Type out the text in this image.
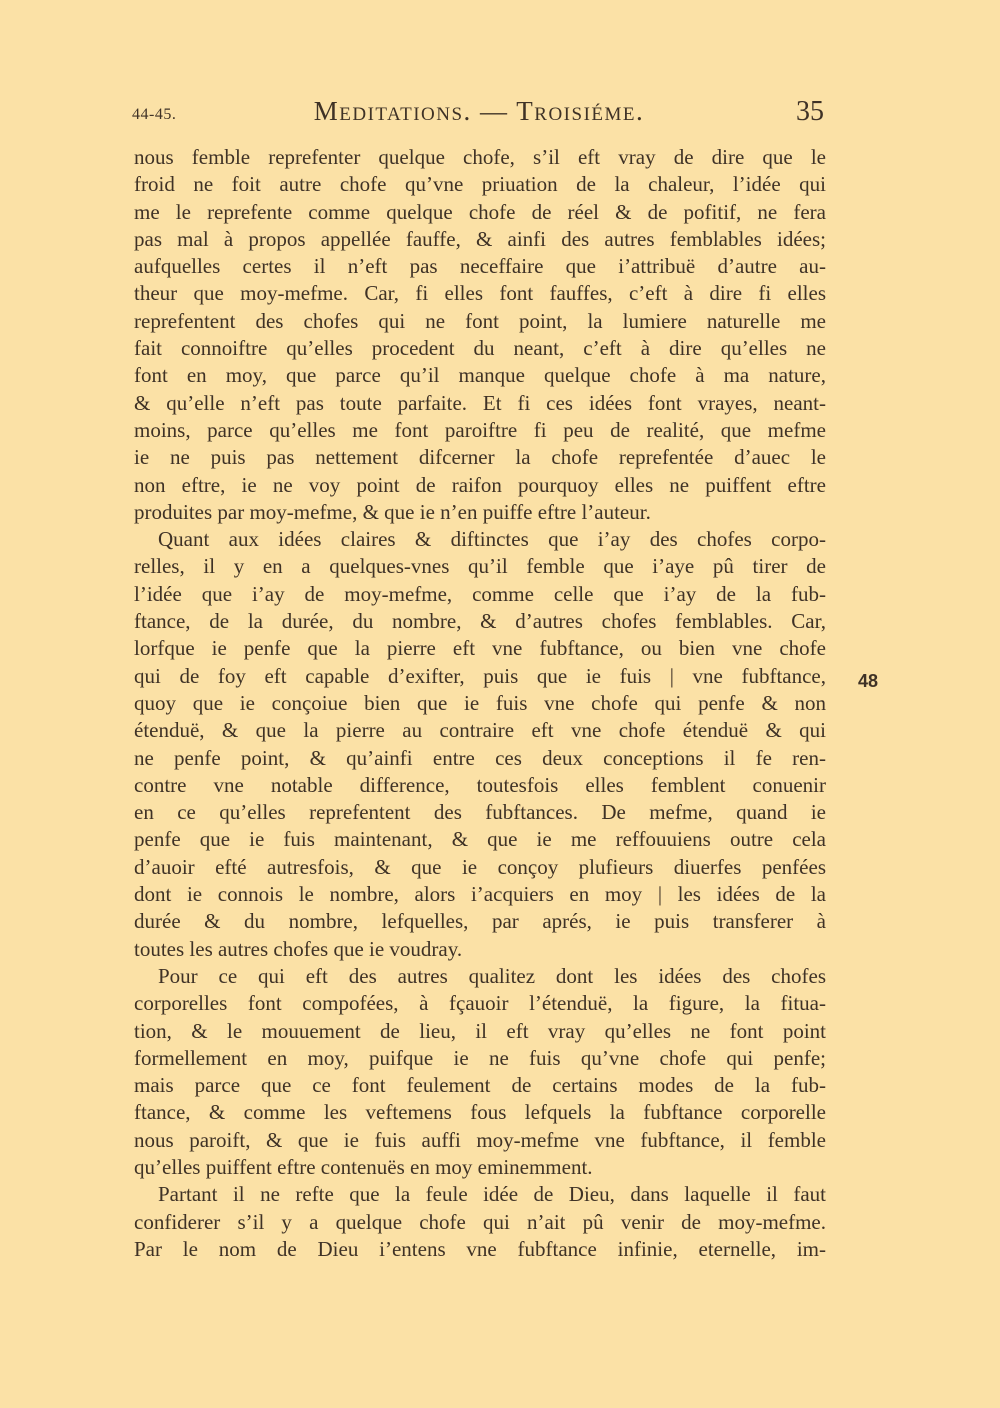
44-45.	Meditations. — Troisiéme.	35
48
nous femble reprefenter quelque chofe, s’il eft vray de dire que le
froid ne foit autre chofe qu’vne priuation de la chaleur, l’idée qui
me le reprefente comme quelque chofe de réel & de pofitif, ne fera
pas mal à propos appellée fauffe, & ainfi des autres femblables idées;
aufquelles certes il n’eft pas neceffaire que i’attribuë d’autre au-
theur que moy-mefme. Car, fi elles font fauffes, c’eft à dire fi elles
reprefentent des chofes qui ne font point, la lumiere naturelle me
fait connoiftre qu’elles procedent du neant, c’eft à dire qu’elles ne
font en moy, que parce qu’il manque quelque chofe à ma nature,
& qu’elle n’eft pas toute parfaite. Et fi ces idées font vrayes, neant-
moins, parce qu’elles me font paroiftre fi peu de realité, que mefme
ie ne puis pas nettement difcerner la chofe reprefentée d’auec le
non eftre, ie ne voy point de raifon pourquoy elles ne puiffent eftre
produites par moy-mefme, & que ie n’en puiffe eftre l’auteur.
Quant aux idées claires & diftinctes que i’ay des chofes corpo-
relles, il y en a quelques-vnes qu’il femble que i’aye pû tirer de
l’idée que i’ay de moy-mefme, comme celle que i’ay de la fub-
ftance, de la durée, du nombre, & d’autres chofes femblables. Car,
lorfque ie penfe que la pierre eft vne fubftance, ou bien vne chofe
qui de foy eft capable d’exifter, puis que ie fuis | vne fubftance,
quoy que ie conçoiue bien que ie fuis vne chofe qui penfe & non
étenduë, & que la pierre au contraire eft vne chofe étenduë & qui
ne penfe point, & qu’ainfi entre ces deux conceptions il fe ren-
contre vne notable difference, toutesfois elles femblent conuenir
en ce qu’elles reprefentent des fubftances. De mefme, quand ie
penfe que ie fuis maintenant, & que ie me reffouuiens outre cela
d’auoir efté autresfois, & que ie conçoy plufieurs diuerfes penfées
dont ie connois le nombre, alors i’acquiers en moy | les idées de la
durée & du nombre, lefquelles, par aprés, ie puis transferer à
toutes les autres chofes que ie voudray.
Pour ce qui eft des autres qualitez dont les idées des chofes
corporelles font compofées, à fçauoir l’étenduë, la figure, la fitua-
tion, & le mouuement de lieu, il eft vray qu’elles ne font point
formellement en moy, puifque ie ne fuis qu’vne chofe qui penfe;
mais parce que ce font feulement de certains modes de la fub-
ftance, & comme les veftemens fous lefquels la fubftance corporelle
nous paroift, & que ie fuis auffi moy-mefme vne fubftance, il femble
qu’elles puiffent eftre contenuës en moy eminemment.
Partant il ne refte que la feule idée de Dieu, dans laquelle il faut
confiderer s’il y a quelque chofe qui n’ait pû venir de moy-mefme.
Par le nom de Dieu i’entens vne fubftance infinie, eternelle, im-
